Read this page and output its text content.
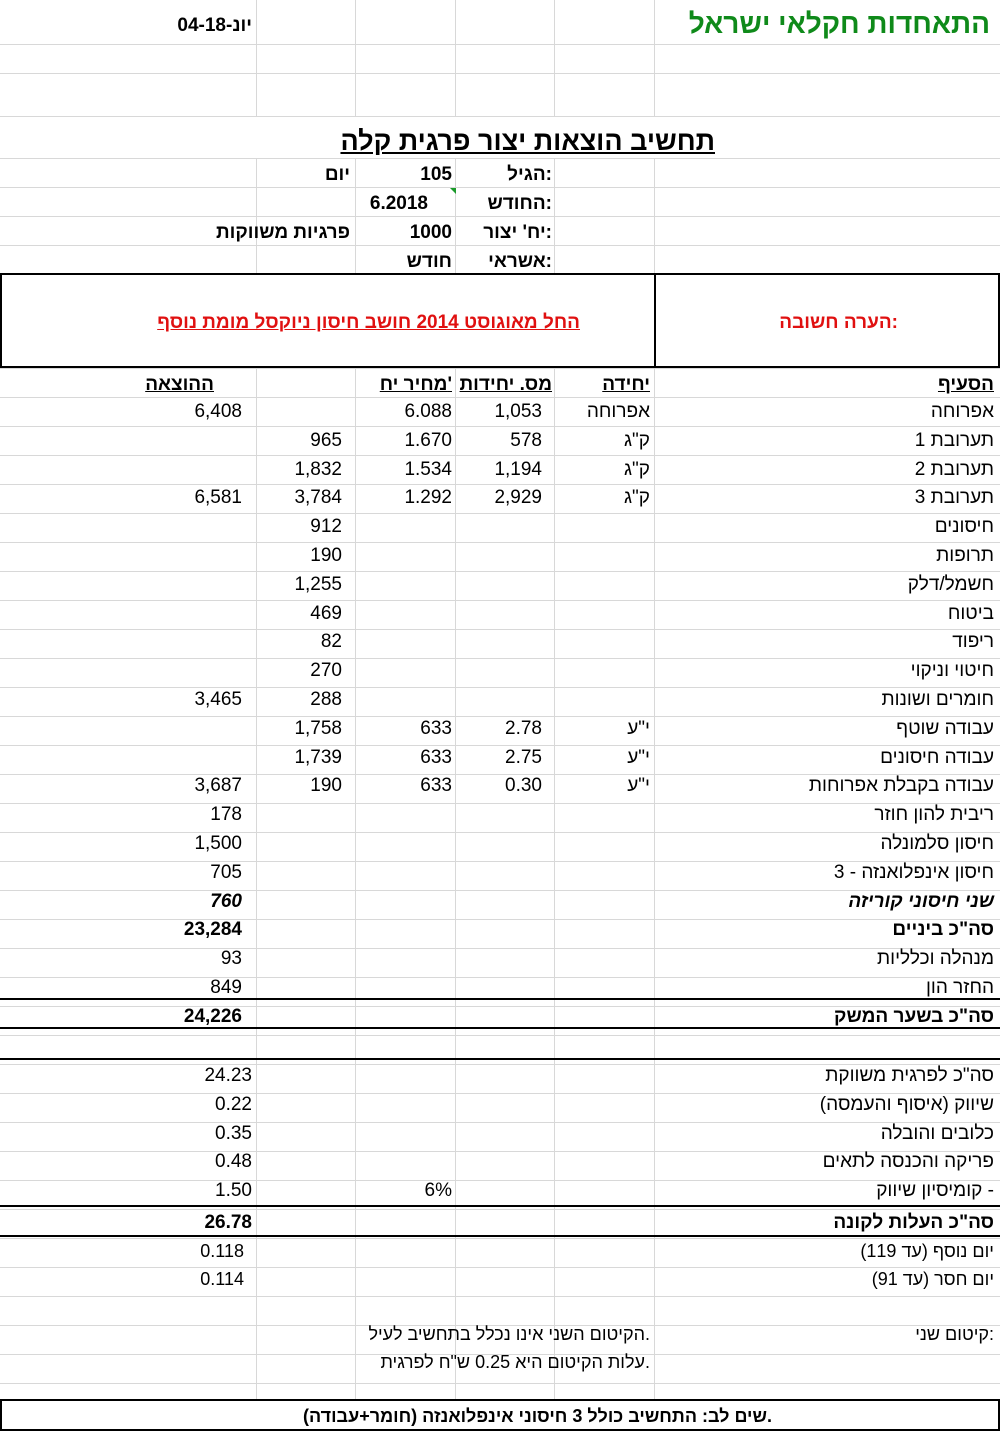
התאחדות חקלאי ישראל
04-יונ-18
תחשיב הוצאות יצור פרגית קלה
הגיל:
105
יום
החודש:
6.2018
יח' יצור:
1000
פרגיות משווקות
אשראי:
חודש
הערה חשובה:
החל מאוגוסט 2014 חושב חיסון ניוקסל מומת נוסף
הסעיף
יחידה
מס. יחידות
מחיר יח'
ההוצאה
אפרוחה
אפרוחה
1,053
6.088
6,408
תערובת 1
ק"ג
578
1.670
965
תערובת 2
ק"ג
1,194
1.534
1,832
תערובת 3
ק"ג
2,929
1.292
3,784
6,581
חיסונים
912
תרופות
190
חשמל/דלק
1,255
ביטוח
469
ריפוד
82
חיטוי וניקוי
270
חומרים ושונות
288
3,465
עבודה שוטף
י"ע
2.78
633
1,758
עבודה חיסונים
י"ע
2.75
633
1,739
עבודה בקבלת אפרוחות
י"ע
0.30
633
190
3,687
ריבית להון חוזר
178
חיסון סלמונלה
1,500
חיסון אינפלואנזה - 3
705
שני חיסוני קוריזה
760
סה"כ ביניים
23,284
מנהלה וכלליות
93
החזר הון
849
סה"כ לפרגית משווקת
24.23
שיווק (איסוף והעמסה)
0.22
כלובים והובלה
0.35
פריקה והכנסה לתאים
0.48
קומיסיון שיווק -
6%
1.50
סה"כ בשער המשק
24,226
סה"כ העלות לקונה
26.78
יום נוסף (עד 119)
0.118
יום חסר (עד 91)
0.114
קיטום שני:
הקיטום השני אינו נכלל בתחשיב לעיל.
עלות הקיטום היא 0.25 ש"ח לפרגית.
שים לב: התחשיב כולל 3 חיסוני אינפלואנזה (חומר+עבודה).
